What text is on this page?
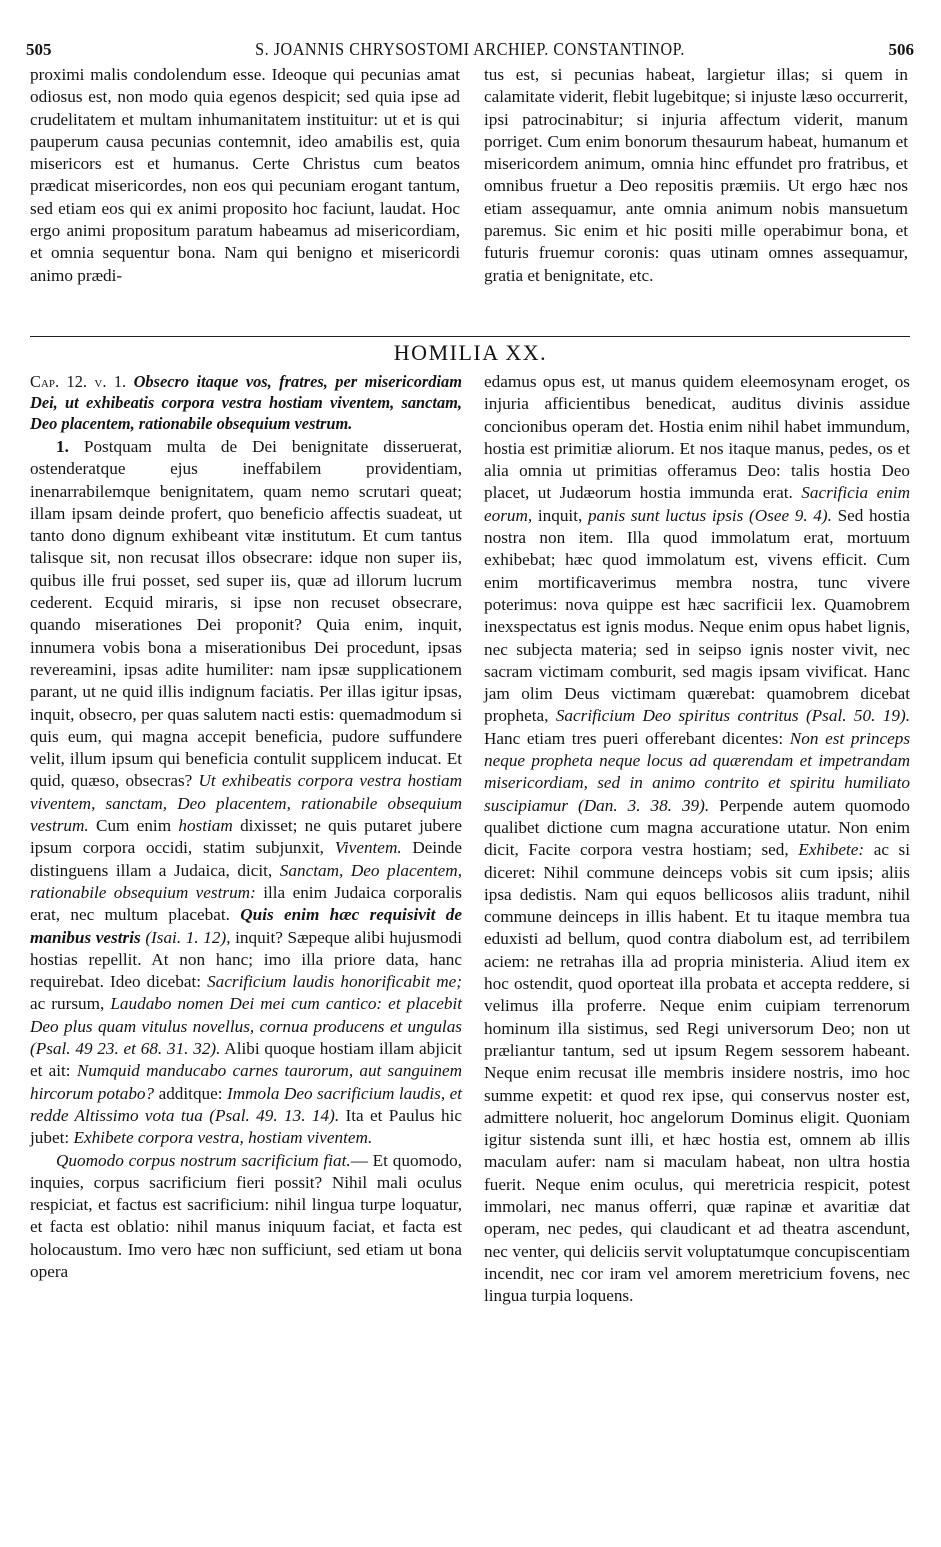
505	S. JOANNIS CHRYSOSTOMI ARCHIEP. CONSTANTINOP.	506

proximi malis condolendum esse. Ideoque qui pecunias amat odiosus est, non modo quia egenos despicit; sed quia ipse ad crudelitatem et multam inhumanitatem instituitur: ut et is qui pauperum causa pecunias contemnit, ideo amabilis est, quia misericors est et humanus. Certe Christus cum beatos prædicat misericordes, non eos qui pecuniam erogant tantum, sed etiam eos qui ex animi proposito hoc faciunt, laudat. Hoc ergo animi propositum paratum habeamus ad misericordiam, et omnia sequentur bona. Nam qui benigno et misericordi animo prædi-

tus est, si pecunias habeat, largietur illas; si quem in calamitate viderit, flebit lugebitque; si injuste læso occurrerit, ipsi patrocinabitur; si injuria affectum viderit, manum porriget. Cum enim bonorum thesaurum habeat, humanum et misericordem animum, omnia hinc effundet pro fratribus, et omnibus fruetur a Deo repositis præmiis. Ut ergo hæc nos etiam assequamur, ante omnia animum nobis mansuetum paremus. Sic enim et hic positi mille operabimur bona, et futuris fruemur coronis: quas utinam omnes assequamur, gratia et benignitate, etc.

HOMILIA XX.

Cap. 12. v. 1. Obsecro itaque vos, fratres, per misericordiam Dei, ut exhibeatis corpora vestra hostiam viventem, sanctam, Deo placentem, rationabile obsequium vestrum.

1. Postquam multa de Dei benignitate disseruerat, ostenderatque ejus ineffabilem providentiam, inenarrabilemque benignitatem, quam nemo scrutari queat; illam ipsam deinde profert, quo beneficio affectis suadeat, ut tanto dono dignum exhibeant vitæ institutum. Et cum tantus talisque sit, non recusat illos obsecrare: idque non super iis, quibus ille frui posset, sed super iis, quæ ad illorum lucrum cederent. Ecquid miraris, si ipse non recuset obsecrare, quando miserationes Dei proponit? Quia enim, inquit, innumera vobis bona a miserationibus Dei procedunt, ipsas revereamini, ipsas adite humiliter: nam ipsæ supplicationem parant, ut ne quid illis indignum faciatis. Per illas igitur ipsas, inquit, obsecro, per quas salutem nacti estis: quemadmodum si quis eum, qui magna accepit beneficia, pudore suffundere velit, illum ipsum qui beneficia contulit supplicem inducat. Et quid, quæso, obsecras? Ut exhibeatis corpora vestra hostiam viventem, sanctam, Deo placentem, rationabile obsequium vestrum. Cum enim hostiam dixisset; ne quis putaret jubere ipsum corpora occidi, statim subjunxit, Viventem. Deinde distinguens illam a Judaica, dicit, Sanctam, Deo placentem, rationabile obsequium vestrum: illa enim Judaica corporalis erat, nec multum placebat. Quis enim hæc requisivit de manibus vestris (Isai. 1. 12), inquit? Sæpeque alibi hujusmodi hostias repellit. At non hanc; imo illa priore data, hanc requirebat. Ideo dicebat: Sacrificium laudis honorificabit me; ac rursum, Laudabo nomen Dei mei cum cantico: et placebit Deo plus quam vitulus novellus, cornua producens et ungulas (Psal. 49 23. et 68. 31. 32). Alibi quoque hostiam illam abjicit et ait: Numquid manducabo carnes taurorum, aut sanguinem hircorum potabo? additque: Immola Deo sacrificium laudis, et redde Altissimo vota tua (Psal. 49. 13. 14). Ita et Paulus hic jubet: Exhibete corpora vestra, hostiam viventem.

Quomodo corpus nostrum sacrificium fiat.— Et quomodo, inquies, corpus sacrificium fieri possit? Nihil mali oculus respiciat, et factus est sacrificium: nihil lingua turpe loquatur, et facta est oblatio: nihil manus iniquum faciat, et facta est holocaustum. Imo vero hæc non sufficiunt, sed etiam ut bona opera

edamus opus est, ut manus quidem eleemosynam eroget, os injuria afficientibus benedicat, auditus divinis assidue concionibus operam det. Hostia enim nihil habet immundum, hostia est primitiæ aliorum. Et nos itaque manus, pedes, os et alia omnia ut primitias offeramus Deo: talis hostia Deo placet, ut Judæorum hostia immunda erat. Sacrificia enim eorum, inquit, panis sunt luctus ipsis (Osee 9. 4). Sed hostia nostra non item. Illa quod immolatum erat, mortuum exhibebat; hæc quod immolatum est, vivens efficit. Cum enim mortificaverimus membra nostra, tunc vivere poterimus: nova quippe est hæc sacrificii lex. Quamobrem inexspectatus est ignis modus. Neque enim opus habet lignis, nec subjecta materia; sed in seipso ignis noster vivit, nec sacram victimam comburit, sed magis ipsam vivificat. Hanc jam olim Deus victimam quærebat: quamobrem dicebat propheta, Sacrificium Deo spiritus contritus (Psal. 50. 19). Hanc etiam tres pueri offerebant dicentes: Non est princeps neque propheta neque locus ad quærendam et impetrandam misericordiam, sed in animo contrito et spiritu humiliato suscipiamur (Dan. 3. 38. 39). Perpende autem quomodo qualibet dictione cum magna accuratione utatur. Non enim dicit, Facite corpora vestra hostiam; sed, Exhibete: ac si diceret: Nihil commune deinceps vobis sit cum ipsis; aliis ipsa dedistis. Nam qui equos bellicosos aliis tradunt, nihil commune deinceps in illis habent. Et tu itaque membra tua eduxisti ad bellum, quod contra diabolum est, ad terribilem aciem: ne retrahas illa ad propria ministeria. Aliud item ex hoc ostendit, quod oporteat illa probata et accepta reddere, si velimus illa proferre. Neque enim cuipiam terrenorum hominum illa sistimus, sed Regi universorum Deo; non ut præliantur tantum, sed ut ipsum Regem sessorem habeant. Neque enim recusat ille membris insidere nostris, imo hoc summe expetit: et quod rex ipse, qui conservus noster est, admittere noluerit, hoc angelorum Dominus eligit. Quoniam igitur sistenda sunt illi, et hæc hostia est, omnem ab illis maculam aufer: nam si maculam habeat, non ultra hostia fuerit. Neque enim oculus, qui meretricia respicit, potest immolari, nec manus offerri, quæ rapinæ et avaritiæ dat operam, nec pedes, qui claudicant et ad theatra ascendunt, nec venter, qui deliciis servit voluptatumque concupiscentiam incendit, nec cor iram vel amorem meretricium fovens, nec lingua turpia loquens.
